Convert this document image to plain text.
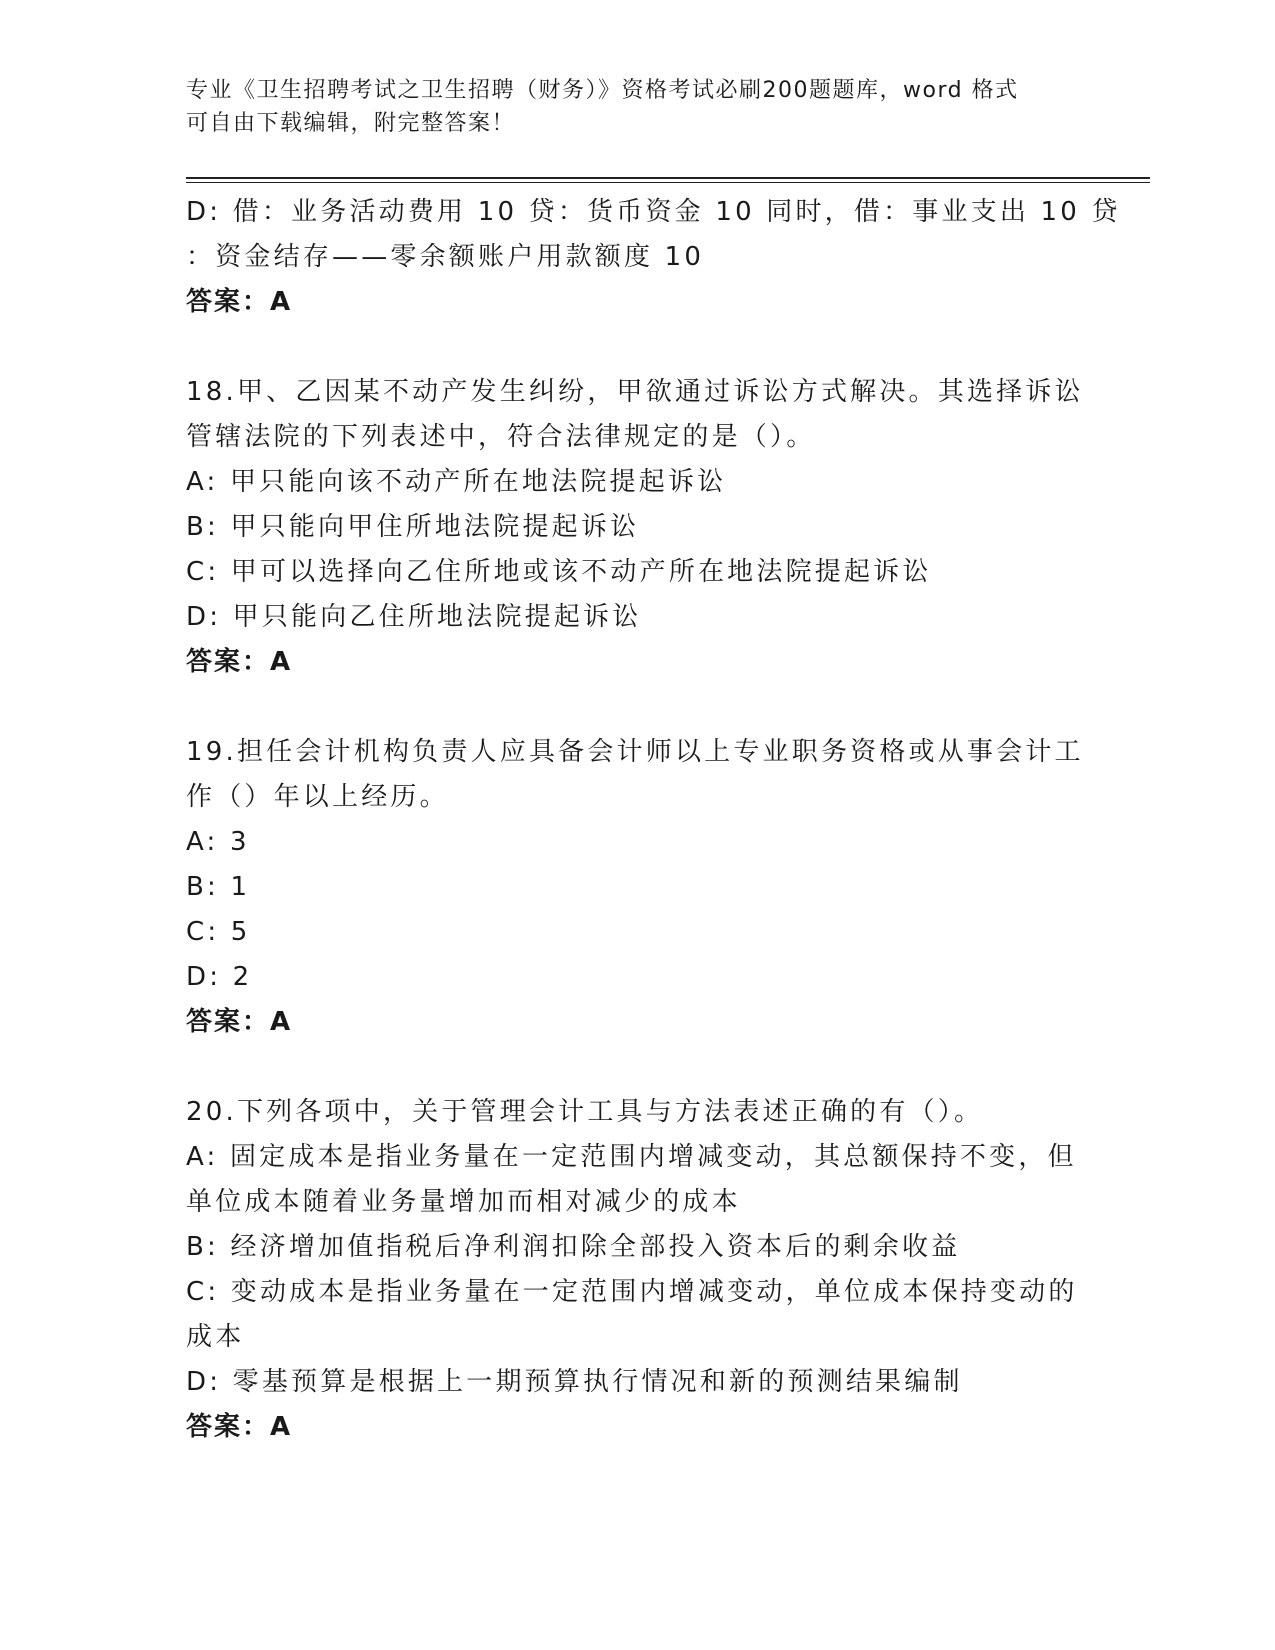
专业《卫生招聘考试之卫生招聘（财务）》资格考试必刷200题题库，word 格式
可自由下载编辑，附完整答案！
D: 借：业务活动费用 10 贷：货币资金 10 同时，借：事业支出 10 贷
：资金结存——零余额账户用款额度 10
答案：A
18.甲、乙因某不动产发生纠纷，甲欲通过诉讼方式解决。其选择诉讼
管辖法院的下列表述中，符合法律规定的是（）。
A: 甲只能向该不动产所在地法院提起诉讼
B: 甲只能向甲住所地法院提起诉讼
C: 甲可以选择向乙住所地或该不动产所在地法院提起诉讼
D: 甲只能向乙住所地法院提起诉讼
答案：A
19.担任会计机构负责人应具备会计师以上专业职务资格或从事会计工
作（）年以上经历。
A: 3
B: 1
C: 5
D: 2
答案：A
20.下列各项中，关于管理会计工具与方法表述正确的有（）。
A: 固定成本是指业务量在一定范围内增减变动，其总额保持不变，但
单位成本随着业务量增加而相对减少的成本
B: 经济增加值指税后净利润扣除全部投入资本后的剩余收益
C: 变动成本是指业务量在一定范围内增减变动，单位成本保持变动的
成本
D: 零基预算是根据上一期预算执行情况和新的预测结果编制
答案：A
